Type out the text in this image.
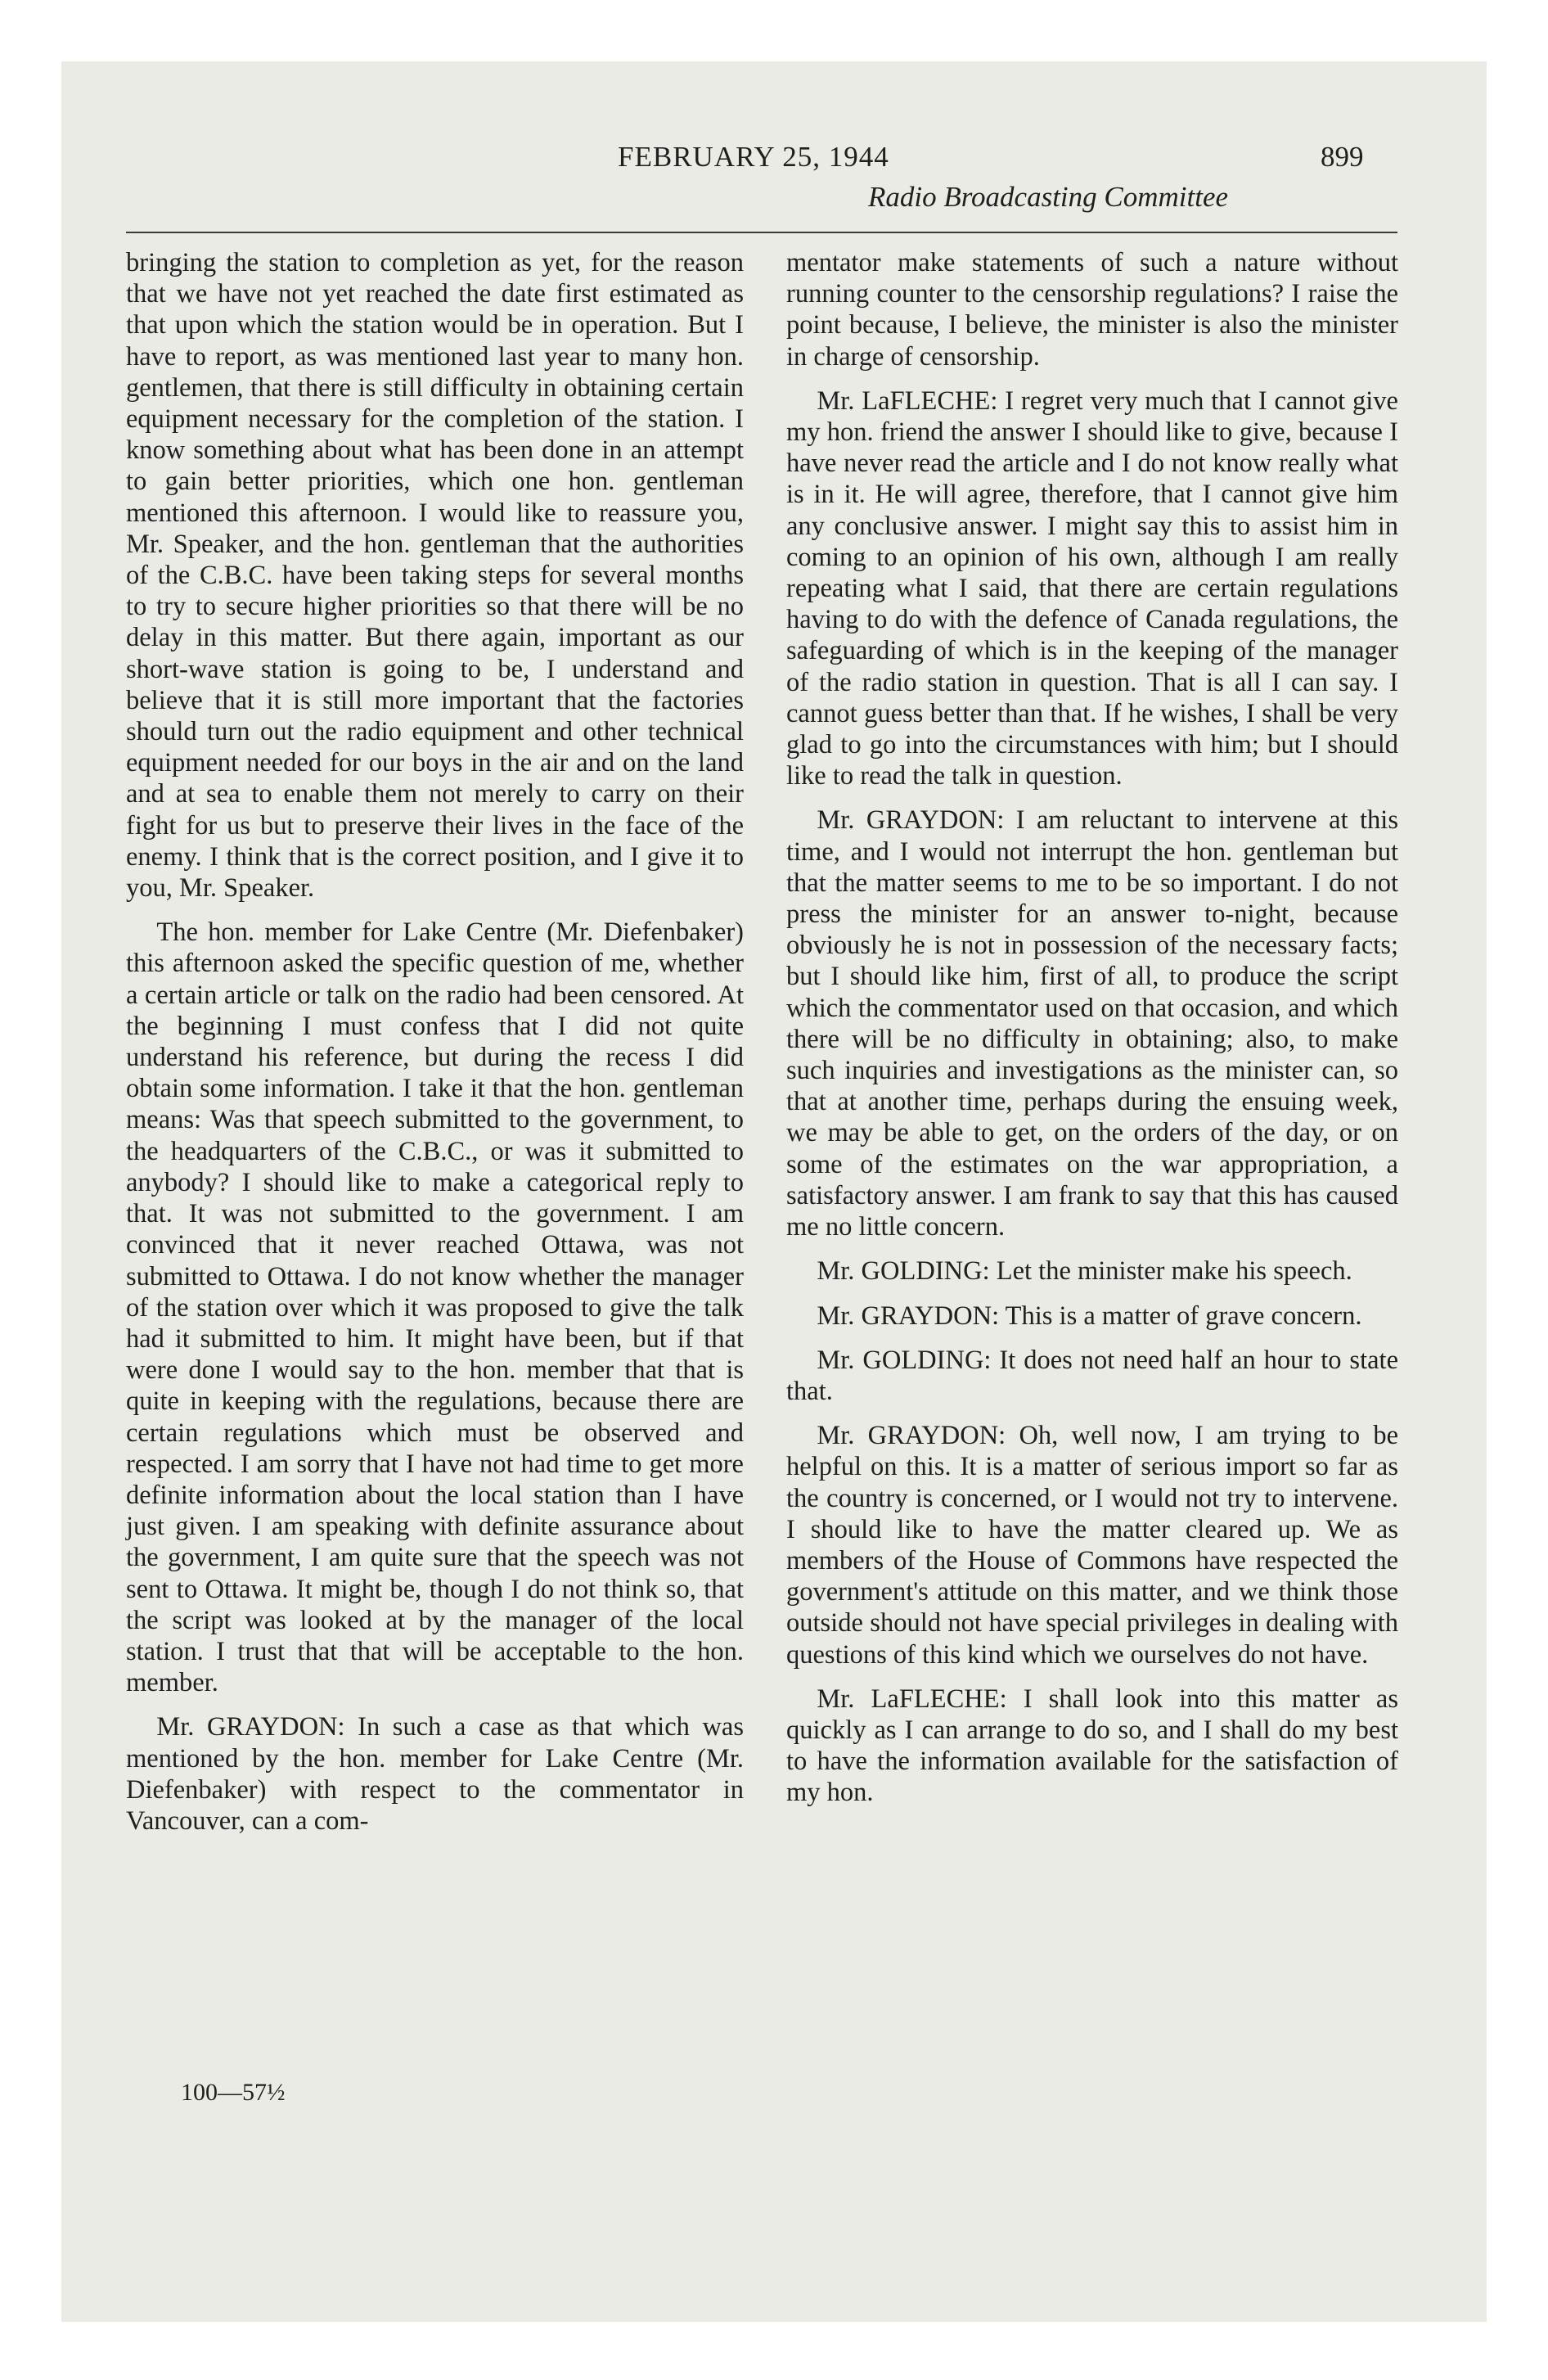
FEBRUARY 25, 1944	899
Radio Broadcasting Committee

bringing the station to completion as yet, for the reason that we have not yet reached the date first estimated as that upon which the station would be in operation. But I have to report, as was mentioned last year to many hon. gentlemen, that there is still difficulty in obtaining certain equipment necessary for the completion of the station. I know something about what has been done in an attempt to gain better priorities, which one hon. gentleman mentioned this afternoon. I would like to reassure you, Mr. Speaker, and the hon. gentleman that the authorities of the C.B.C. have been taking steps for several months to try to secure higher priorities so that there will be no delay in this matter. But there again, important as our short-wave station is going to be, I understand and believe that it is still more important that the factories should turn out the radio equipment and other technical equipment needed for our boys in the air and on the land and at sea to enable them not merely to carry on their fight for us but to preserve their lives in the face of the enemy. I think that is the correct position, and I give it to you, Mr. Speaker.

The hon. member for Lake Centre (Mr. Diefenbaker) this afternoon asked the specific question of me, whether a certain article or talk on the radio had been censored. At the beginning I must confess that I did not quite understand his reference, but during the recess I did obtain some information. I take it that the hon. gentleman means: Was that speech submitted to the government, to the headquarters of the C.B.C., or was it submitted to anybody? I should like to make a categorical reply to that. It was not submitted to the government. I am convinced that it never reached Ottawa, was not submitted to Ottawa. I do not know whether the manager of the station over which it was proposed to give the talk had it submitted to him. It might have been, but if that were done I would say to the hon. member that that is quite in keeping with the regulations, because there are certain regulations which must be observed and respected. I am sorry that I have not had time to get more definite information about the local station than I have just given. I am speaking with definite assurance about the government, I am quite sure that the speech was not sent to Ottawa. It might be, though I do not think so, that the script was looked at by the manager of the local station. I trust that that will be acceptable to the hon. member.

Mr. GRAYDON: In such a case as that which was mentioned by the hon. member for Lake Centre (Mr. Diefenbaker) with respect to the commentator in Vancouver, can a com-

mentator make statements of such a nature without running counter to the censorship regulations? I raise the point because, I believe, the minister is also the minister in charge of censorship.

Mr. LaFLECHE: I regret very much that I cannot give my hon. friend the answer I should like to give, because I have never read the article and I do not know really what is in it. He will agree, therefore, that I cannot give him any conclusive answer. I might say this to assist him in coming to an opinion of his own, although I am really repeating what I said, that there are certain regulations having to do with the defence of Canada regulations, the safeguarding of which is in the keeping of the manager of the radio station in question. That is all I can say. I cannot guess better than that. If he wishes, I shall be very glad to go into the circumstances with him; but I should like to read the talk in question.

Mr. GRAYDON: I am reluctant to intervene at this time, and I would not interrupt the hon. gentleman but that the matter seems to me to be so important. I do not press the minister for an answer to-night, because obviously he is not in possession of the necessary facts; but I should like him, first of all, to produce the script which the commentator used on that occasion, and which there will be no difficulty in obtaining; also, to make such inquiries and investigations as the minister can, so that at another time, perhaps during the ensuing week, we may be able to get, on the orders of the day, or on some of the estimates on the war appropriation, a satisfactory answer. I am frank to say that this has caused me no little concern.

Mr. GOLDING: Let the minister make his speech.

Mr. GRAYDON: This is a matter of grave concern.

Mr. GOLDING: It does not need half an hour to state that.

Mr. GRAYDON: Oh, well now, I am trying to be helpful on this. It is a matter of serious import so far as the country is concerned, or I would not try to intervene. I should like to have the matter cleared up. We as members of the House of Commons have respected the government's attitude on this matter, and we think those outside should not have special privileges in dealing with questions of this kind which we ourselves do not have.

Mr. LaFLECHE: I shall look into this matter as quickly as I can arrange to do so, and I shall do my best to have the information available for the satisfaction of my hon.

100—57½
